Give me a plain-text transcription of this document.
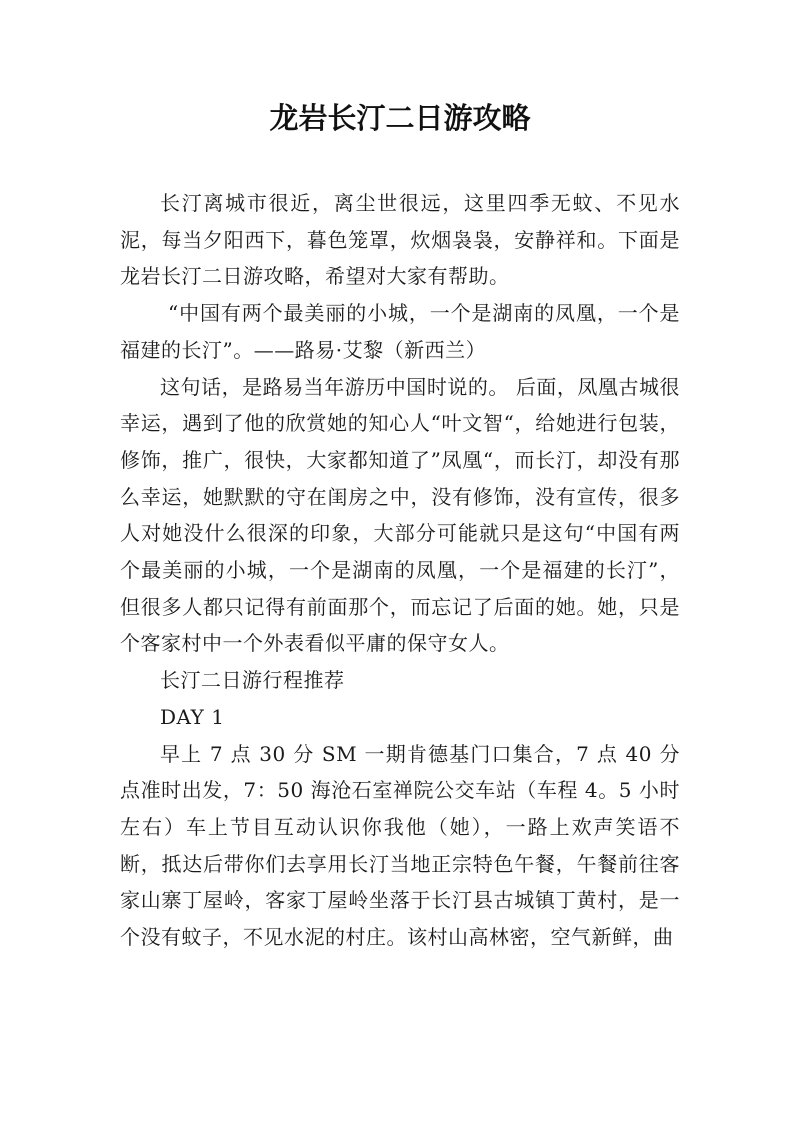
龙岩长汀二日游攻略

长汀离城市很近，离尘世很远，这里四季无蚊、不见水泥，每当夕阳西下，暮色笼罩，炊烟袅袅，安静祥和。下面是龙岩长汀二日游攻略，希望对大家有帮助。

“中国有两个最美丽的小城，一个是湖南的凤凰，一个是福建的长汀”。——路易·艾黎（新西兰）

这句话，是路易当年游历中国时说的。 后面，凤凰古城很幸运，遇到了他的欣赏她的知心人“叶文智“，给她进行包装，修饰，推广，很快，大家都知道了”凤凰“，而长汀，却没有那么幸运，她默默的守在闺房之中，没有修饰，没有宣传，很多人对她没什么很深的印象，大部分可能就只是这句“中国有两个最美丽的小城，一个是湖南的凤凰，一个是福建的长汀”，但很多人都只记得有前面那个，而忘记了后面的她。她，只是个客家村中一个外表看似平庸的保守女人。

长汀二日游行程推荐

DAY 1

早上 7 点 30 分 SM 一期肯德基门口集合，7 点 40 分点准时出发，7：50 海沧石室禅院公交车站（车程 4。5 小时左右）车上节目互动认识你我他（她），一路上欢声笑语不断，抵达后带你们去享用长汀当地正宗特色午餐，午餐前往客家山寨丁屋岭，客家丁屋岭坐落于长汀县古城镇丁黄村，是一个没有蚊子，不见水泥的村庄。该村山高林密，空气新鲜，曲
